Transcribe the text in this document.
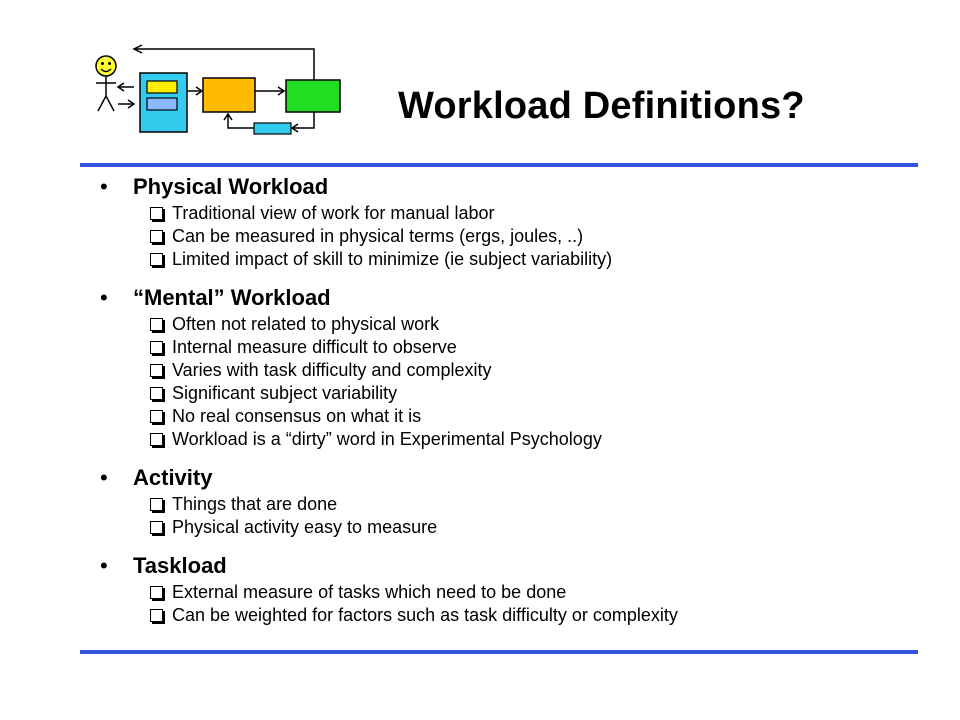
Workload Definitions?
•	Physical Workload
Traditional view of work for manual labor
Can be measured in physical terms (ergs, joules, ..)
Limited impact of skill to minimize (ie subject variability)
•	“Mental” Workload
Often not related to physical work
Internal measure difficult to observe
Varies with task difficulty and complexity
Significant subject variability
No real consensus on what it is
Workload is a “dirty” word in Experimental Psychology
•	Activity
Things that are done
Physical activity easy to measure
•	Taskload
External measure of tasks which need to be done
Can be weighted for factors such as task difficulty or complexity
